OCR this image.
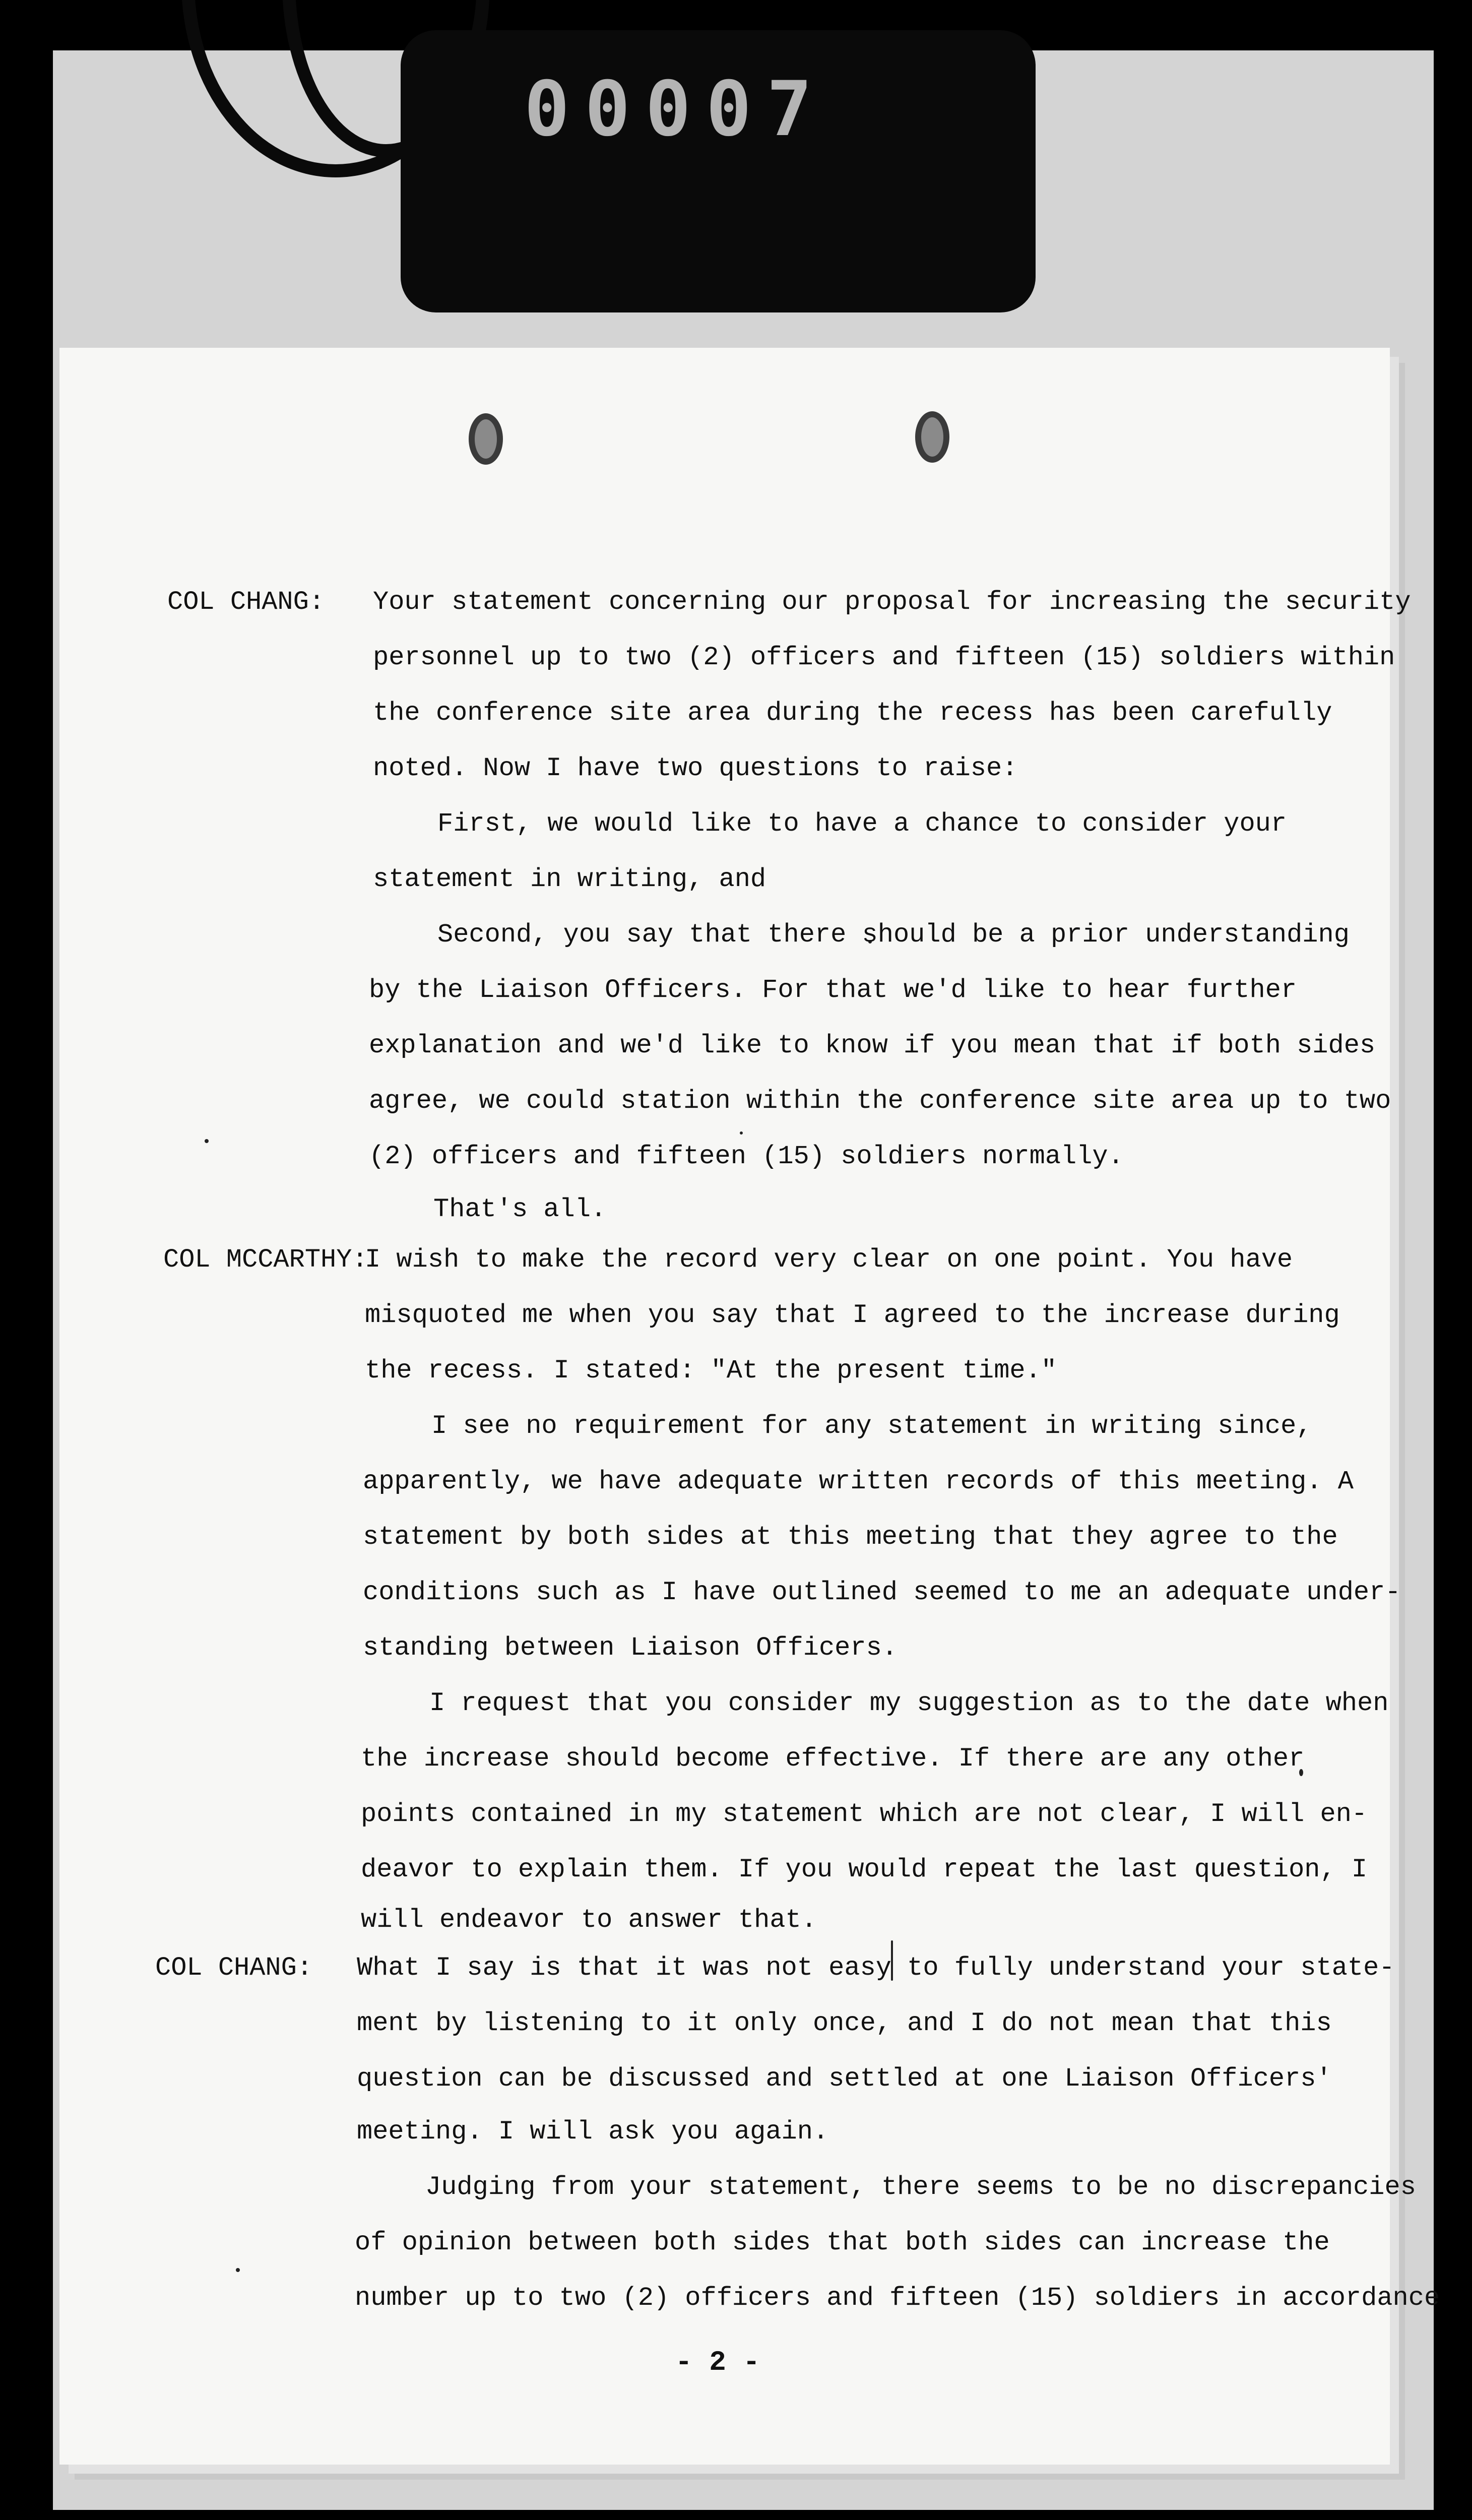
00007
COL CHANG:
COL MCCARTHY:
COL CHANG:
Your statement concerning our proposal for increasing the security
personnel up to two (2) officers and fifteen (15) soldiers within
the conference site area during the recess has been carefully
noted. Now I have two questions to raise:
First, we would like to have a chance to consider your
statement in writing, and
Second, you say that there should be a prior understanding
by the Liaison Officers. For that we'd like to hear further
explanation and we'd like to know if you mean that if both sides
agree, we could station within the conference site area up to two
(2) officers and fifteen (15) soldiers normally.
That's all.
I wish to make the record very clear on one point. You have
misquoted me when you say that I agreed to the increase during
the recess. I stated: "At the present time."
I see no requirement for any statement in writing since,
apparently, we have adequate written records of this meeting. A
statement by both sides at this meeting that they agree to the
conditions such as I have outlined seemed to me an adequate under-
standing between Liaison Officers.
I request that you consider my suggestion as to the date when
the increase should become effective. If there are any other
points contained in my statement which are not clear, I will en-
deavor to explain them. If you would repeat the last question, I
will endeavor to answer that.
What I say is that it was not easy to fully understand your state-
ment by listening to it only once, and I do not mean that this
question can be discussed and settled at one Liaison Officers'
meeting. I will ask you again.
Judging from your statement, there seems to be no discrepancies
of opinion between both sides that both sides can increase the
number up to two (2) officers and fifteen (15) soldiers in accordance
- 2 -
